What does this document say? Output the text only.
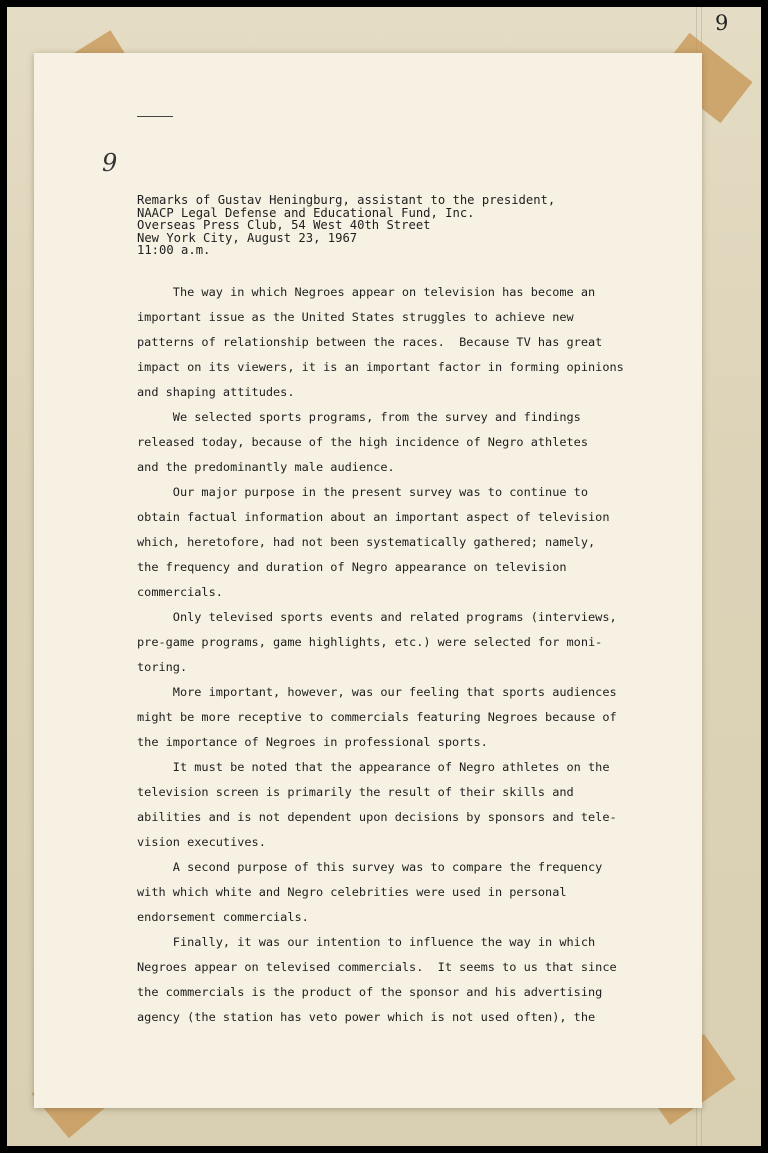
9
9
Remarks of Gustav Heningburg, assistant to the president,
NAACP Legal Defense and Educational Fund, Inc.
Overseas Press Club, 54 West 40th Street
New York City, August 23, 1967
11:00 a.m.
The way in which Negroes appear on television has become an
important issue as the United States struggles to achieve new
patterns of relationship between the races.  Because TV has great
impact on its viewers, it is an important factor in forming opinions
and shaping attitudes.
We selected sports programs, from the survey and findings
released today, because of the high incidence of Negro athletes
and the predominantly male audience.
Our major purpose in the present survey was to continue to
obtain factual information about an important aspect of television
which, heretofore, had not been systematically gathered; namely,
the frequency and duration of Negro appearance on television
commercials.
Only televised sports events and related programs (interviews,
pre-game programs, game highlights, etc.) were selected for moni-
toring.
More important, however, was our feeling that sports audiences
might be more receptive to commercials featuring Negroes because of
the importance of Negroes in professional sports.
It must be noted that the appearance of Negro athletes on the
television screen is primarily the result of their skills and
abilities and is not dependent upon decisions by sponsors and tele-
vision executives.
A second purpose of this survey was to compare the frequency
with which white and Negro celebrities were used in personal
endorsement commercials.
Finally, it was our intention to influence the way in which
Negroes appear on televised commercials.  It seems to us that since
the commercials is the product of the sponsor and his advertising
agency (the station has veto power which is not used often), the
